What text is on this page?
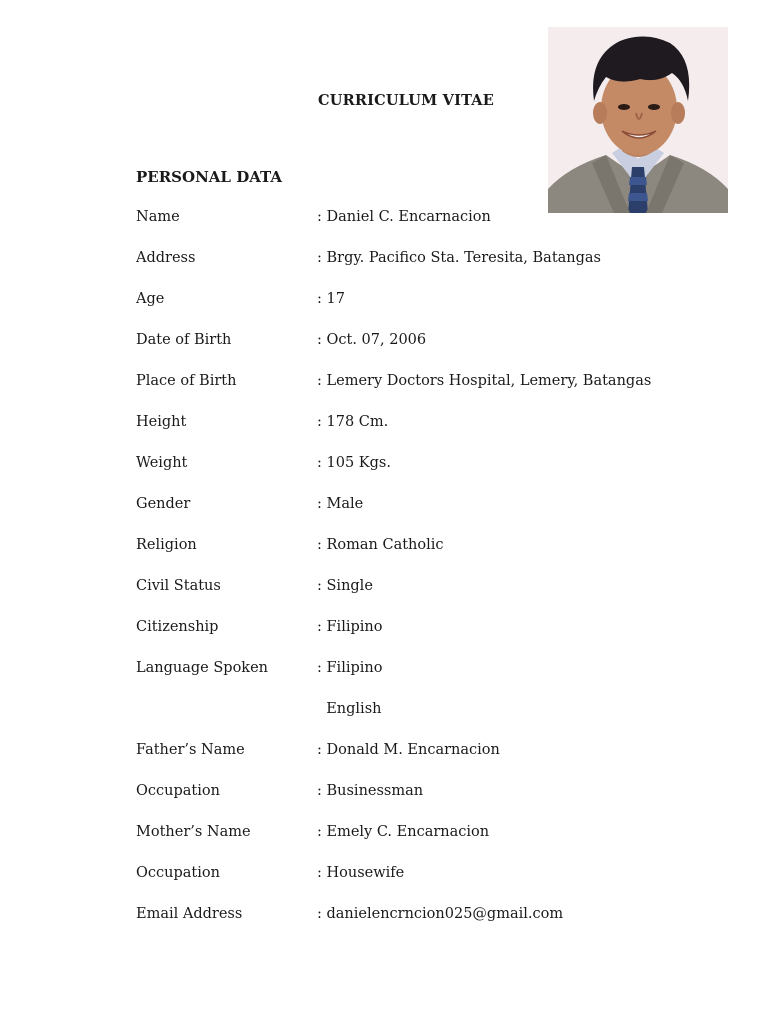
CURRICULUM VITAE
PERSONAL DATA
Name	: Daniel C. Encarnacion
Address	: Brgy. Pacifico Sta. Teresita, Batangas
Age	: 17
Date of Birth	: Oct. 07, 2006
Place of Birth	: Lemery Doctors Hospital, Lemery, Batangas
Height	: 178 Cm.
Weight	: 105 Kgs.
Gender	: Male
Religion	: Roman Catholic
Civil Status	: Single
Citizenship	: Filipino
Language Spoken	: Filipino
English
Father’s Name	: Donald M. Encarnacion
Occupation	: Businessman
Mother’s Name	: Emely C. Encarnacion
Occupation	: Housewife
Email Address	: danielencrncion025@gmail.com
